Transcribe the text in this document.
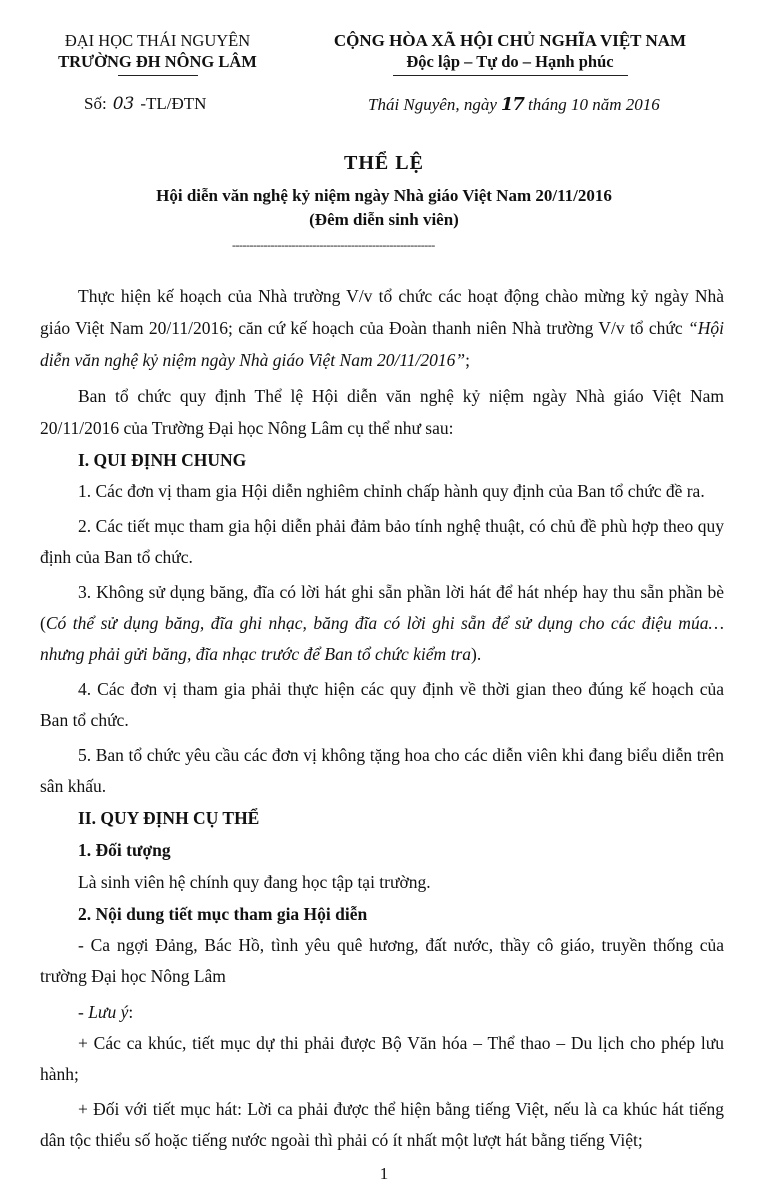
ĐẠI HỌC THÁI NGUYÊN
TRƯỜNG ĐH NÔNG LÂM
CỘNG HÒA XÃ HỘI CHỦ NGHĨA VIỆT NAM
Độc lập – Tự do – Hạnh phúc
Số: 03 -TL/ĐTN	Thái Nguyên, ngày 17 tháng 10 năm 2016
THỂ LỆ
Hội diễn văn nghệ kỷ niệm ngày Nhà giáo Việt Nam 20/11/2016
(Đêm diễn sinh viên)
----------------------------------------------------------

Thực hiện kế hoạch của Nhà trường V/v tổ chức các hoạt động chào mừng kỷ ngày Nhà giáo Việt Nam 20/11/2016; căn cứ kế hoạch của Đoàn thanh niên Nhà trường V/v tổ chức “Hội diễn văn nghệ kỷ niệm ngày Nhà giáo Việt Nam 20/11/2016”;

Ban tổ chức quy định Thể lệ Hội diễn văn nghệ kỷ niệm ngày Nhà giáo Việt Nam 20/11/2016 của Trường Đại học Nông Lâm cụ thể như sau:

I. QUI ĐỊNH CHUNG

1. Các đơn vị tham gia Hội diễn nghiêm chỉnh chấp hành quy định của Ban tổ chức đề ra.

2. Các tiết mục tham gia hội diễn phải đảm bảo tính nghệ thuật, có chủ đề phù hợp theo quy định của Ban tổ chức.

3. Không sử dụng băng, đĩa có lời hát ghi sẵn phần lời hát để hát nhép hay thu sẵn phần bè (Có thể sử dụng băng, đĩa ghi nhạc, băng đĩa có lời ghi sẵn để sử dụng cho các điệu múa…nhưng phải gửi băng, đĩa nhạc trước để Ban tổ chức kiểm tra).

4. Các đơn vị tham gia phải thực hiện các quy định về thời gian theo đúng kế hoạch của Ban tổ chức.

5. Ban tổ chức yêu cầu các đơn vị không tặng hoa cho các diễn viên khi đang biểu diễn trên sân khấu.

II. QUY ĐỊNH CỤ THỂ

1. Đối tượng

Là sinh viên hệ chính quy đang học tập tại trường.

2. Nội dung tiết mục tham gia Hội diễn

- Ca ngợi Đảng, Bác Hồ, tình yêu quê hương, đất nước, thầy cô giáo, truyền thống của trường Đại học Nông Lâm

- Lưu ý:

+ Các ca khúc, tiết mục dự thi phải được Bộ Văn hóa – Thể thao – Du lịch cho phép lưu hành;

+ Đối với tiết mục hát: Lời ca phải được thể hiện bằng tiếng Việt, nếu là ca khúc hát tiếng dân tộc thiểu số hoặc tiếng nước ngoài thì phải có ít nhất một lượt hát bằng tiếng Việt;

1
